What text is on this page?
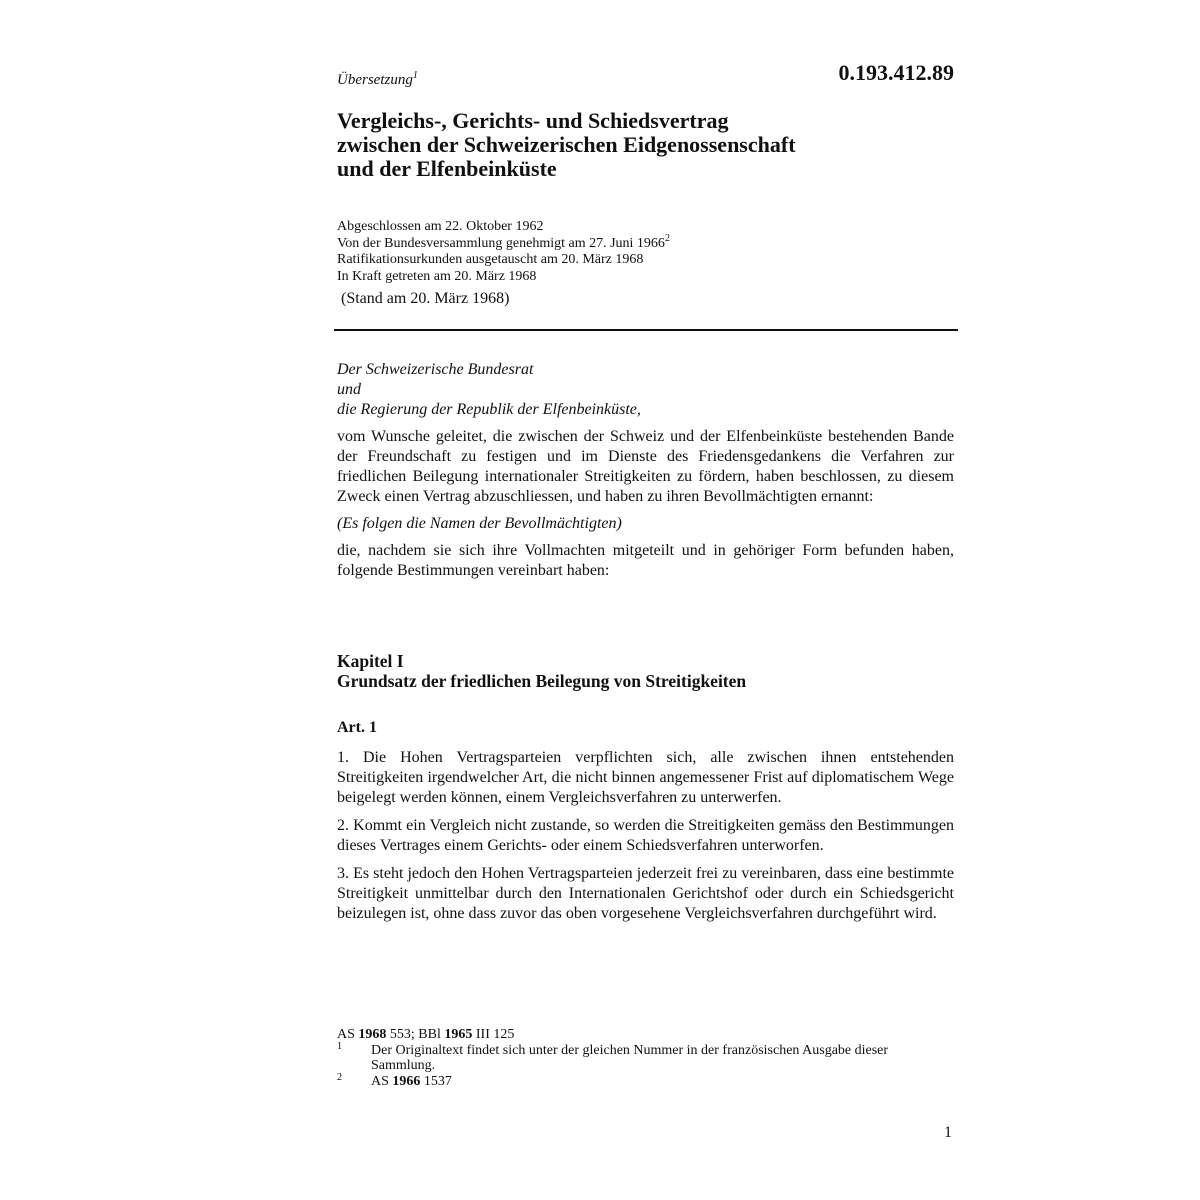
0.193.412.89
Übersetzung$^1$
Vergleichs-, Gerichts- und Schiedsvertrag
zwischen der Schweizerischen Eidgenossenschaft
und der Elfenbeinküste
Abgeschlossen am 22. Oktober 1962
Von der Bundesversammlung genehmigt am 27. Juni 1966$^2$
Ratifikationsurkunden ausgetauscht am 20. März 1968
In Kraft getreten am 20. März 1968
(Stand am 20. März 1968)
Der Schweizerische Bundesrat
und
die Regierung der Republik der Elfenbeinküste,

vom Wunsche geleitet, die zwischen der Schweiz und der Elfenbeinküste bestehenden Bande der Freundschaft zu festigen und im Dienste des Friedensgedankens die Verfahren zur friedlichen Beilegung internationaler Streitigkeiten zu fördern, haben beschlossen, zu diesem Zweck einen Vertrag abzuschliessen, und haben zu ihren Bevollmächtigten ernannt:

(Es folgen die Namen der Bevollmächtigten)

die, nachdem sie sich ihre Vollmachten mitgeteilt und in gehöriger Form befunden haben, folgende Bestimmungen vereinbart haben:

Kapitel I
Grundsatz der friedlichen Beilegung von Streitigkeiten
Art. 1

1. Die Hohen Vertragsparteien verpflichten sich, alle zwischen ihnen entstehenden Streitigkeiten irgendwelcher Art, die nicht binnen angemessener Frist auf diplomatischem Wege beigelegt werden können, einem Vergleichsverfahren zu unterwerfen.

2. Kommt ein Vergleich nicht zustande, so werden die Streitigkeiten gemäss den Bestimmungen dieses Vertrages einem Gerichts- oder einem Schiedsverfahren unterworfen.

3. Es steht jedoch den Hohen Vertragsparteien jederzeit frei zu vereinbaren, dass eine bestimmte Streitigkeit unmittelbar durch den Internationalen Gerichtshof oder durch ein Schiedsgericht beizulegen ist, ohne dass zuvor das oben vorgesehene Vergleichsverfahren durchgeführt wird.

AS 1968 553; BBl 1965 III 125
1 Der Originaltext findet sich unter der gleichen Nummer in der französischen Ausgabe dieser Sammlung.
2 AS 1966 1537
1
